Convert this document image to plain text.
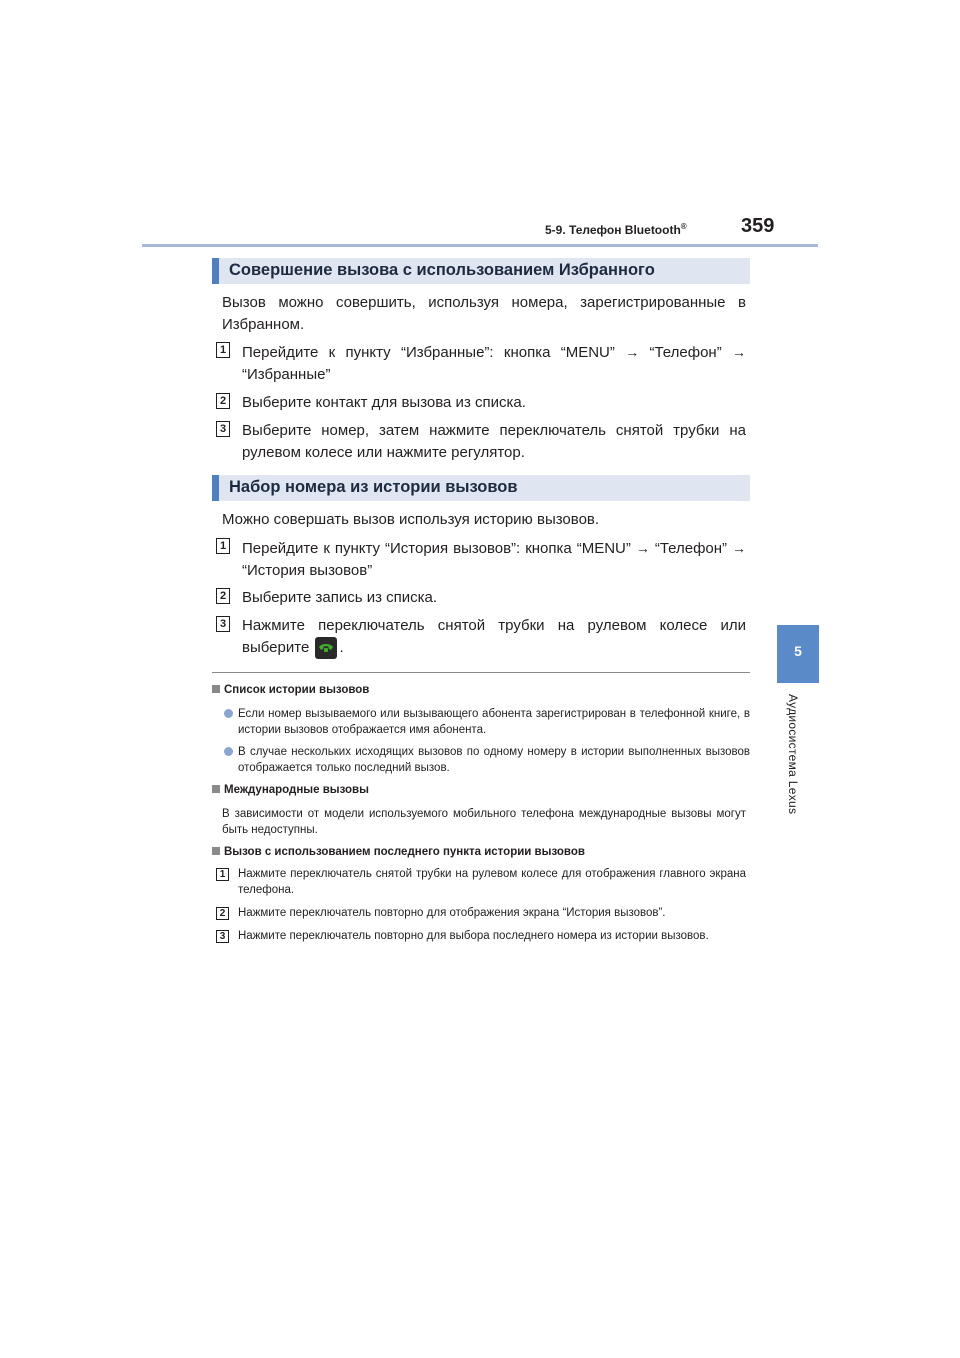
5-9. Телефон Bluetooth®	359
5
Аудиосистема Lexus
Совершение вызова с использованием Избранного
Вызов можно совершить, используя номера, зарегистрированные в Избранном.
1 Перейдите к пункту “Избранные”: кнопка “MENU” → “Телефон” → “Избранные”
2 Выберите контакт для вызова из списка.
3 Выберите номер, затем нажмите переключатель снятой трубки на рулевом колесе или нажмите регулятор.
Набор номера из истории вызовов
Можно совершать вызов используя историю вызовов.
1 Перейдите к пункту “История вызовов”: кнопка “MENU” → “Телефон” → “История вызовов”
2 Выберите запись из списка.
3 Нажмите переключатель снятой трубки на рулевом колесе или выберите .
Список истории вызовов
Если номер вызываемого или вызывающего абонента зарегистрирован в телефонной книге, в истории вызовов отображается имя абонента.
В случае нескольких исходящих вызовов по одному номеру в истории выполненных вызовов отображается только последний вызов.
Международные вызовы
В зависимости от модели используемого мобильного телефона международные вызовы могут быть недоступны.
Вызов с использованием последнего пункта истории вызовов
1	Нажмите переключатель снятой трубки на рулевом колесе для отображения главного экрана телефона.
2	Нажмите переключатель повторно для отображения экрана “История вызовов”.
3	Нажмите переключатель повторно для выбора последнего номера из истории вызовов.
